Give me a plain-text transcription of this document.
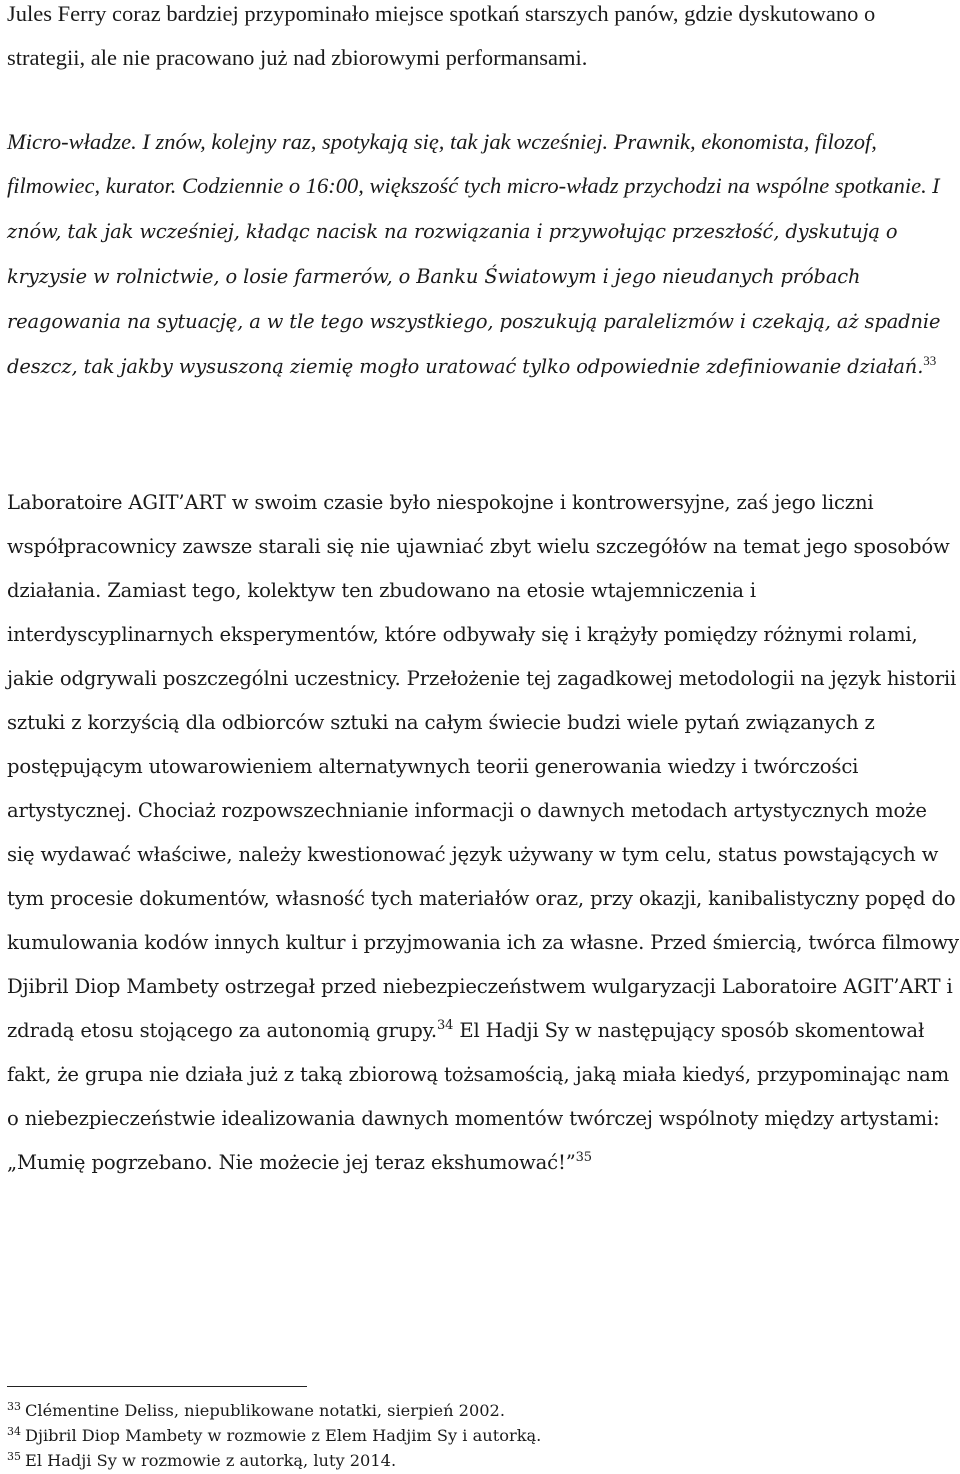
Jules Ferry coraz bardziej przypominało miejsce spotkań starszych panów, gdzie dyskutowano o strategii, ale nie pracowano już nad zbiorowymi performansami.

Micro-władze. I znów, kolejny raz, spotykają się, tak jak wcześniej. Prawnik, ekonomista, filozof, filmowiec, kurator. Codziennie o 16:00, większość tych micro-władz przychodzi na wspólne spotkanie. I znów, tak jak wcześniej, kładąc nacisk na rozwiązania i przywołując przeszłość, dyskutują o kryzysie w rolnictwie, o losie farmerów, o Banku Światowym i jego nieudanych próbach reagowania na sytuację, a w tle tego wszystkiego, poszukują paralelizmów i czekają, aż spadnie deszcz, tak jakby wysuszoną ziemię mogło uratować tylko odpowiednie zdefiniowanie działań.$^{33}$

Laboratoire AGIT’ART w swoim czasie było niespokojne i kontrowersyjne, zaś jego liczni współpracownicy zawsze starali się nie ujawniać zbyt wielu szczegółów na temat jego sposobów działania. Zamiast tego, kolektyw ten zbudowano na etosie wtajemniczenia i interdyscyplinarnych eksperymentów, które odbywały się i krążyły pomiędzy różnymi rolami, jakie odgrywali poszczególni uczestnicy. Przełożenie tej zagadkowej metodologii na język historii sztuki z korzyścią dla odbiorców sztuki na całym świecie budzi wiele pytań związanych z postępującym utowarowieniem alternatywnych teorii generowania wiedzy i twórczości artystycznej. Chociaż rozpowszechnianie informacji o dawnych metodach artystycznych może się wydawać właściwe, należy kwestionować język używany w tym celu, status powstających w tym procesie dokumentów, własność tych materiałów oraz, przy okazji, kanibalistyczny popęd do kumulowania kodów innych kultur i przyjmowania ich za własne. Przed śmiercią, twórca filmowy Djibril Diop Mambety ostrzegał przed niebezpieczeństwem wulgaryzacji Laboratoire AGIT’ART i zdradą etosu stojącego za autonomią grupy.$^{34}$ El Hadji Sy w następujący sposób skomentował fakt, że grupa nie działa już z taką zbiorową tożsamością, jaką miała kiedyś, przypominając nam o niebezpieczeństwie idealizowania dawnych momentów twórczej wspólnoty między artystami: „Mumię pogrzebano. Nie możecie jej teraz ekshumować!”$^{35}$

$^{33}$ Clémentine Deliss, niepublikowane notatki, sierpień 2002.
$^{34}$ Djibril Diop Mambety w rozmowie z Elem Hadjim Sy i autorką.
$^{35}$ El Hadji Sy w rozmowie z autorką, luty 2014.
